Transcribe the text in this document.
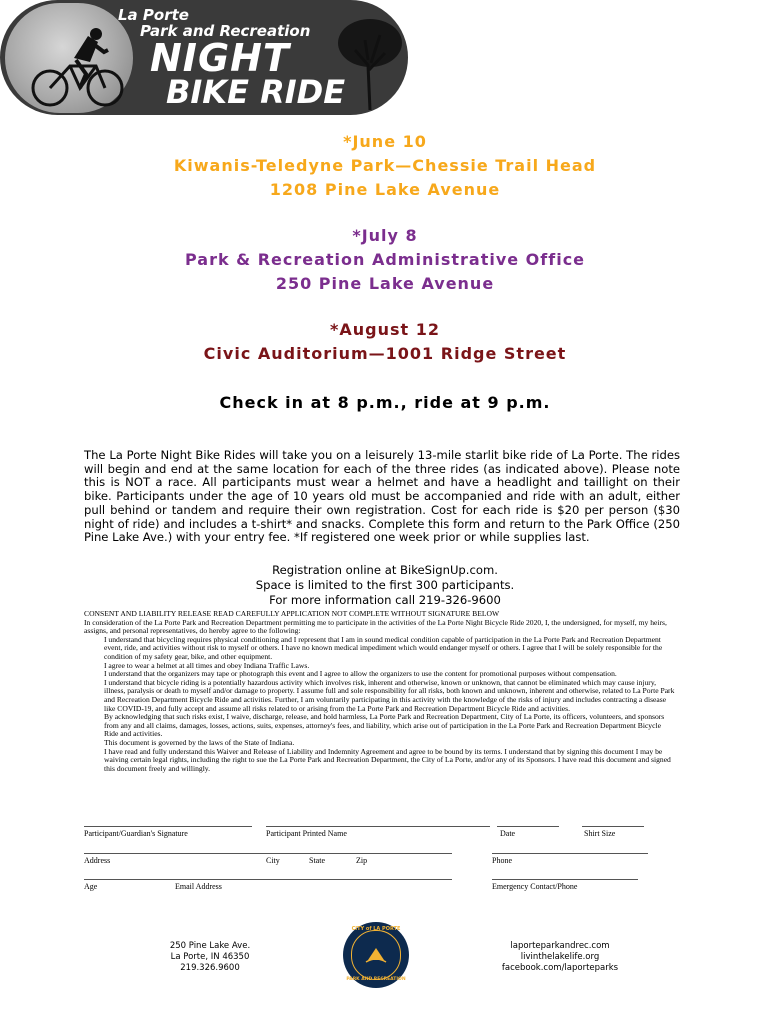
La Porte
Park and Recreation
NIGHT
BIKE RIDE
*June 10
Kiwanis-Teledyne Park—Chessie Trail Head
1208 Pine Lake Avenue
*July 8
Park & Recreation Administrative Office
250 Pine Lake Avenue
*August 12
Civic Auditorium—1001 Ridge Street
Check in at 8 p.m., ride at 9 p.m.
The La Porte Night Bike Rides will take you on a leisurely 13-mile starlit bike ride of La Porte. The rides will begin and end at the same location for each of the three rides (as indicated above). Please note this is NOT a race. All participants must wear a helmet and have a headlight and taillight on their bike. Participants under the age of 10 years old must be accompanied and ride with an adult, either pull behind or tandem and require their own registration. Cost for each ride is $20 per person ($30 night of ride) and includes a t-shirt* and snacks. Complete this form and return to the Park Office (250 Pine Lake Ave.) with your entry fee. *If registered one week prior or while supplies last.
Registration online at BikeSignUp.com.
Space is limited to the first 300 participants.
For more information call 219-326-9600
CONSENT AND LIABILITY RELEASE READ CAREFULLY APPLICATION NOT COMPLETE WITHOUT SIGNATURE BELOW
In consideration of the La Porte Park and Recreation Department permitting me to participate in the activities of the La Porte Night Bicycle Ride 2020, I, the undersigned, for myself, my heirs, assigns, and personal representatives, do hereby agree to the following:
I understand that bicycling requires physical conditioning and I represent that I am in sound medical condition capable of participation in the La Porte Park and Recreation Department event, ride, and activities without risk to myself or others. I have no known medical impediment which would endanger myself or others. I agree that I will be solely responsible for the condition of my safety gear, bike, and other equipment.
I agree to wear a helmet at all times and obey Indiana Traffic Laws.
I understand that the organizers may tape or photograph this event and I agree to allow the organizers to use the content for promotional purposes without compensation.
I understand that bicycle riding is a potentially hazardous activity which involves risk, inherent and otherwise, known or unknown, that cannot be eliminated which may cause injury, illness, paralysis or death to myself and/or damage to property. I assume full and sole responsibility for all risks, both known and unknown, inherent and otherwise, related to La Porte Park and Recreation Department Bicycle Ride and activities. Further, I am voluntarily participating in this activity with the knowledge of the risks of injury and includes contracting a disease like COVID-19, and fully accept and assume all risks related to or arising from the La Porte Park and Recreation Department Bicycle Ride and activities.
By acknowledging that such risks exist, I waive, discharge, release, and hold harmless, La Porte Park and Recreation Department, City of La Porte, its officers, volunteers, and sponsors from any and all claims, damages, losses, actions, suits, expenses, attorney's fees, and liability, which arise out of participation in the La Porte Park and Recreation Department Bicycle Ride and activities.
This document is governed by the laws of the State of Indiana.
I have read and fully understand this Waiver and Release of Liability and Indemnity Agreement and agree to be bound by its terms. I understand that by signing this document I may be waiving certain legal rights, including the right to sue the La Porte Park and Recreation Department, the City of La Porte, and/or any of its Sponsors. I have read this document and signed this document freely and willingly.
Participant/Guardian's Signature	Participant Printed Name	Date	Shirt Size
Address	City	State	Zip	Phone
Age	Email Address	Emergency Contact/Phone
250 Pine Lake Ave.
La Porte, IN 46350
219.326.9600
CITY of LA PORTE
PARK AND RECREATION
laporteparkandrec.com
livinthelakelife.org
facebook.com/laporteparks
